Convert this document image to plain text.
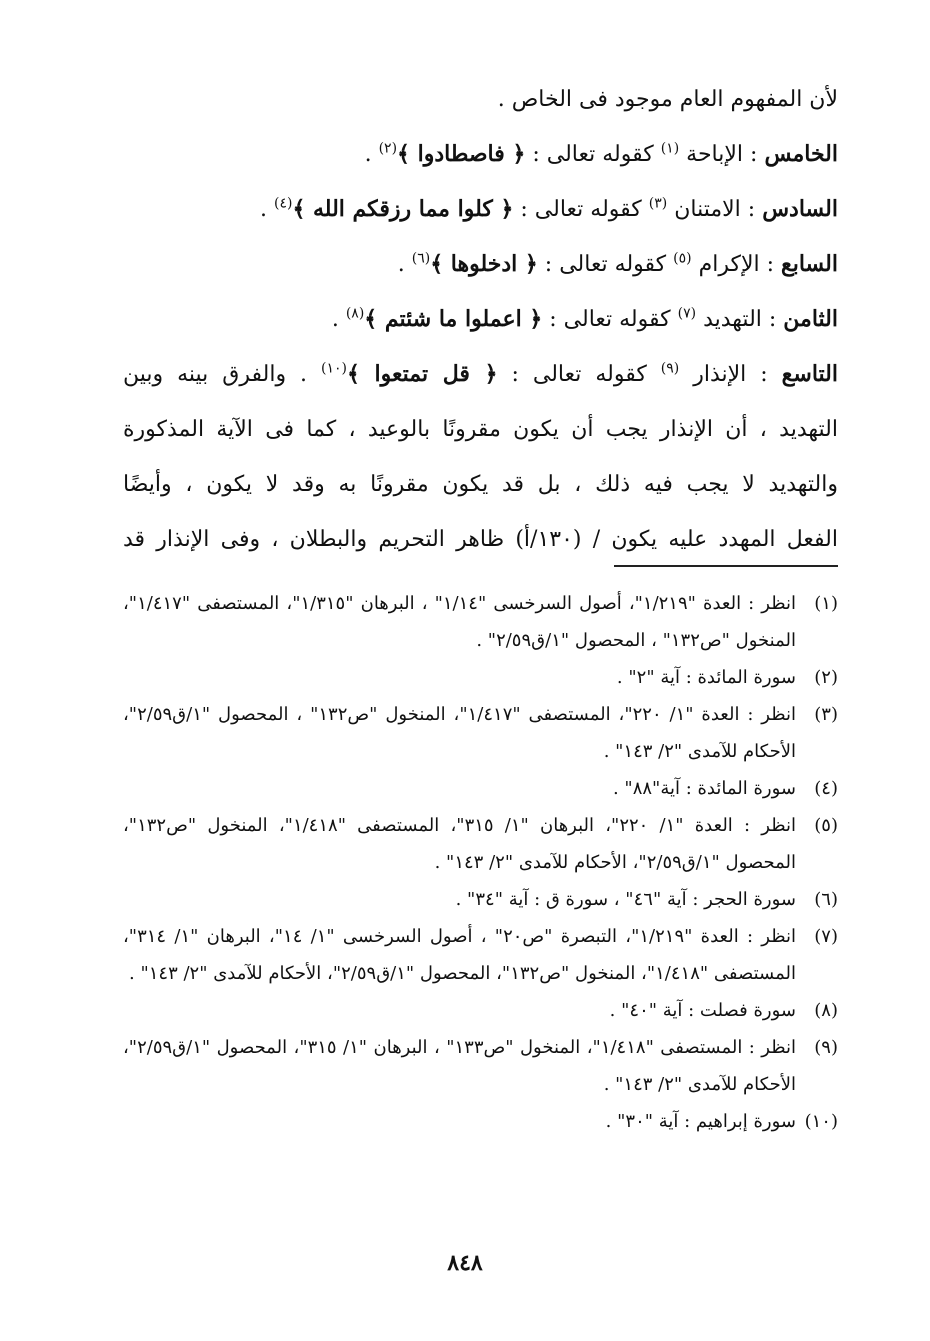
لأن المفهوم العام موجود فى الخاص .
الخامس : الإباحة $^{(١)}$ كقوله تعالى : ﴿ فاصطادوا ﴾$^{(٢)}$ .
السادس : الامتنان $^{(٣)}$ كقوله تعالى : ﴿ كلوا مما رزقكم الله ﴾$^{(٤)}$ .
السابع : الإكرام $^{(٥)}$ كقوله تعالى : ﴿ ادخلوها ﴾$^{(٦)}$ .
الثامن : التهديد $^{(٧)}$ كقوله تعالى : ﴿ اعملوا ما شئتم ﴾$^{(٨)}$ .
التاسع : الإنذار $^{(٩)}$ كقوله تعالى : ﴿ قل تمتعوا ﴾$^{(١٠)}$ . والفرق بينه وبين
التهديد ، أن الإنذار يجب أن يكون مقرونًا بالوعيد ، كما فى الآية المذكورة
والتهديد لا يجب فيه ذلك ، بل قد يكون مقرونًا به وقد لا يكون ، وأيضًا
الفعل المهدد عليه يكون / (١٣٠/أ) ظاهر التحريم والبطلان ، وفى الإنذار قد
(١)
انظر : العدة "١/٢١٩"، أصول السرخسى "١/١٤" ، البرهان "١/٣١٥"، المستصفى "١/٤١٧"، المنخول "ص١٣٢" ، المحصول "١/ق٢/٥٩" .
(٢)
سورة المائدة : آية "٢" .
(٣)
انظر : العدة "١/ ٢٢٠"، المستصفى "١/٤١٧"، المنخول "ص١٣٢" ، المحصول "١/ق٢/٥٩"، الأحكام للآمدى "٢/ ١٤٣" .
(٤)
سورة المائدة : آية"٨٨" .
(٥)
انظر : العدة "١/ ٢٢٠"، البرهان "١/ ٣١٥"، المستصفى "١/٤١٨"، المنخول "ص١٣٢"، المحصول "١/ق٢/٥٩"، الأحكام للآمدى "٢/ ١٤٣" .
(٦)
سورة الحجر : آية "٤٦" ، سورة ق : آية "٣٤" .
(٧)
انظر : العدة "١/٢١٩"، التبصرة "ص٢٠" ، أصول السرخسى "١/ ١٤"، البرهان "١/ ٣١٤"، المستصفى "١/٤١٨"، المنخول "ص١٣٢"، المحصول "١/ق٢/٥٩"، الأحكام للآمدى "٢/ ١٤٣" .
(٨)
سورة فصلت : آية "٤٠" .
(٩)
انظر : المستصفى "١/٤١٨"، المنخول "ص١٣٣" ، البرهان "١/ ٣١٥"، المحصول "١/ق٢/٥٩"، الأحكام للآمدى "٢/ ١٤٣" .
(١٠)
سورة إبراهيم : آية "٣٠" .
٨٤٨
